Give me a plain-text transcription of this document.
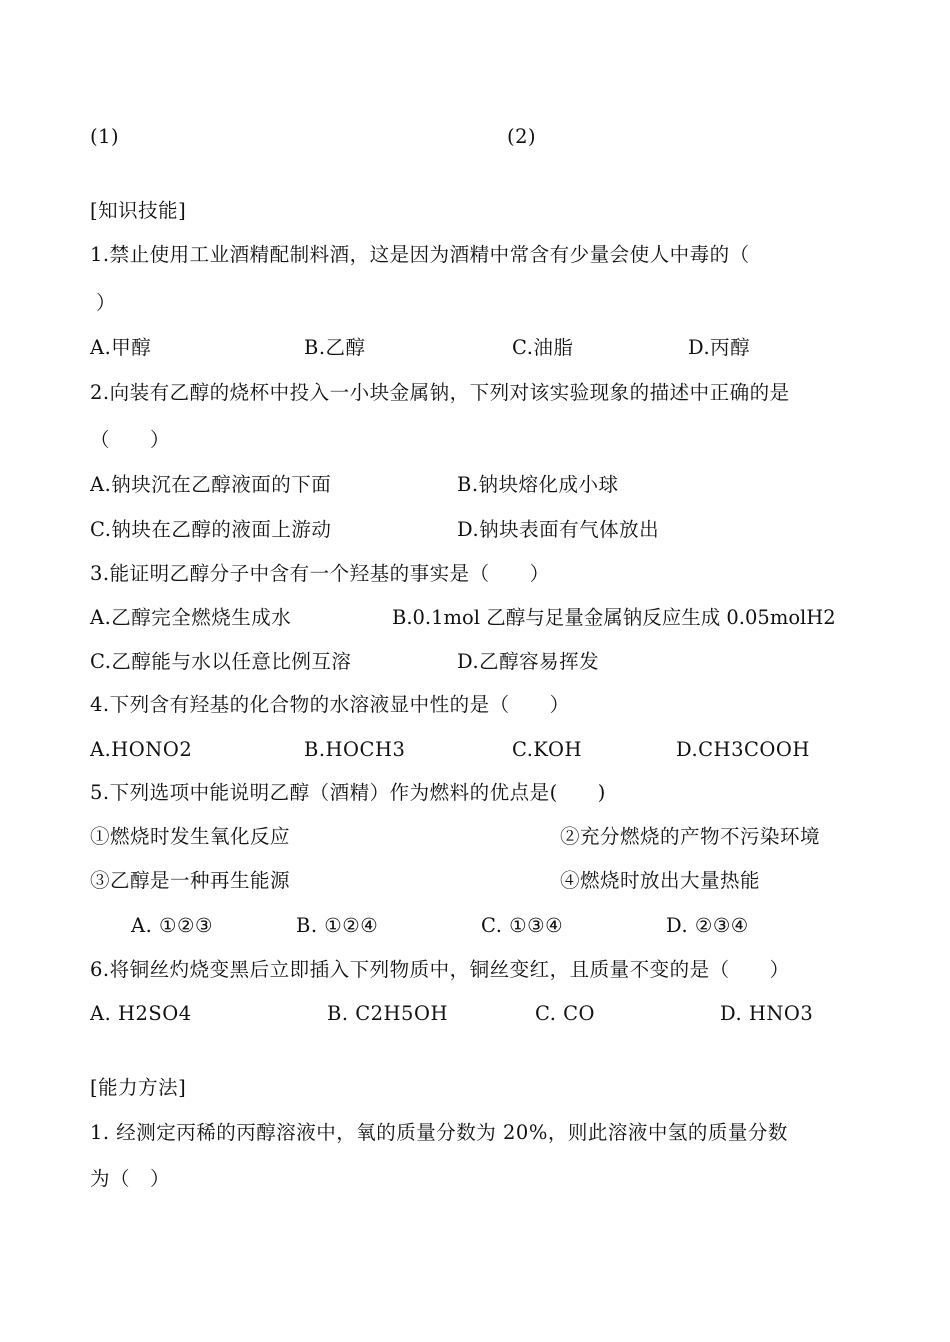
(1)	(2)
[知识技能]
1.禁止使用工业酒精配制料酒，这是因为酒精中常含有少量会使人中毒的（
）
A.甲醇	B.乙醇	C.油脂	D.丙醇
2.向装有乙醇的烧杯中投入一小块金属钠，下列对该实验现象的描述中正确的是
（　　）
A.钠块沉在乙醇液面的下面	B.钠块熔化成小球
C.钠块在乙醇的液面上游动	D.钠块表面有气体放出
3.能证明乙醇分子中含有一个羟基的事实是（　　）
A.乙醇完全燃烧生成水	B.0.1mol 乙醇与足量金属钠反应生成 0.05molH2
C.乙醇能与水以任意比例互溶	D.乙醇容易挥发
4.下列含有羟基的化合物的水溶液显中性的是（　　）
A.HONO2	B.HOCH3	C.KOH	D.CH3COOH
5.下列选项中能说明乙醇（酒精）作为燃料的优点是(　　)
①燃烧时发生氧化反应	②充分燃烧的产物不污染环境
③乙醇是一种再生能源	④燃烧时放出大量热能
A. ①②③	B. ①②④	C. ①③④	D. ②③④
6.将铜丝灼烧变黑后立即插入下列物质中，铜丝变红，且质量不变的是（　　）
A. H2SO4	B. C2H5OH	C. CO	D. HNO3
[能力方法]
1. 经测定丙稀的丙醇溶液中，氧的质量分数为 20%，则此溶液中氢的质量分数
为（　）
